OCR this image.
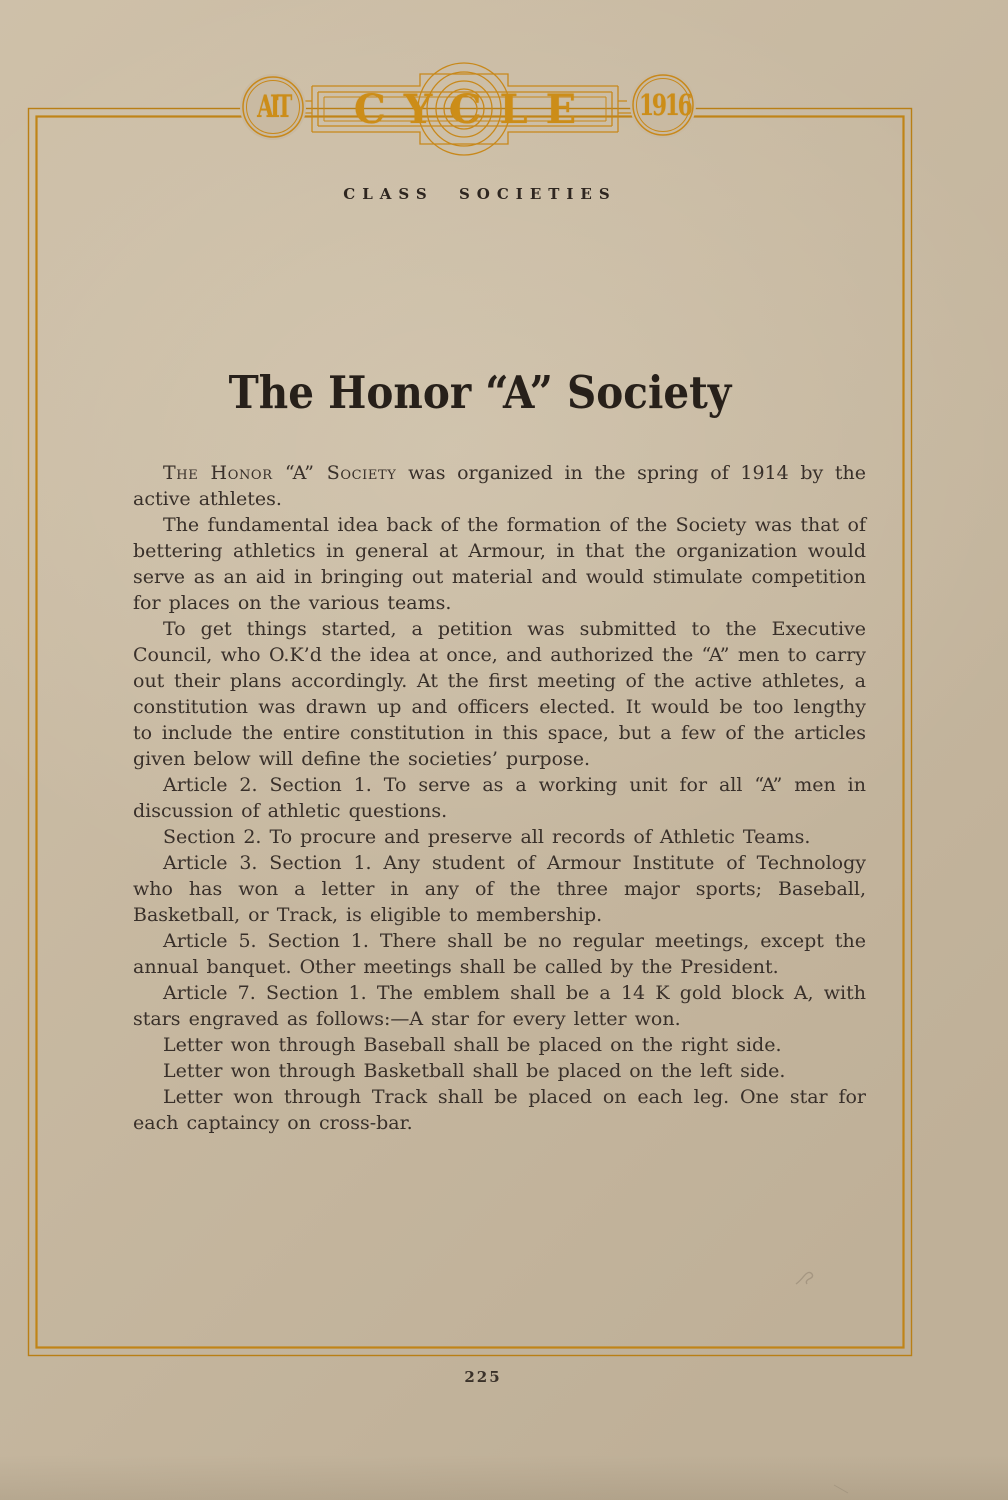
CYCLE
AIT	1916
CLASS SOCIETIES
The Honor “A” Society

The Honor “A” Society was organized in the spring of 1914 by the active athletes.

The fundamental idea back of the formation of the Society was that of bettering athletics in general at Armour, in that the organization would serve as an aid in bringing out material and would stimulate competition for places on the various teams.

To get things started, a petition was submitted to the Executive Council, who O.K’d the idea at once, and authorized the “A” men to carry out their plans accordingly. At the first meeting of the active athletes, a constitution was drawn up and officers elected. It would be too lengthy to include the entire constitution in this space, but a few of the articles given below will define the societies’ purpose.

Article 2. Section 1. To serve as a working unit for all “A” men in discussion of athletic questions.

Section 2. To procure and preserve all records of Athletic Teams.

Article 3. Section 1. Any student of Armour Institute of Technology who has won a letter in any of the three major sports; Baseball, Basketball, or Track, is eligible to membership.

Article 5. Section 1. There shall be no regular meetings, except the annual banquet. Other meetings shall be called by the President.

Article 7. Section 1. The emblem shall be a 14 K gold block A, with stars engraved as follows:—A star for every letter won.

Letter won through Baseball shall be placed on the right side.

Letter won through Basketball shall be placed on the left side.

Letter won through Track shall be placed on each leg. One star for each captaincy on cross-bar.

225
